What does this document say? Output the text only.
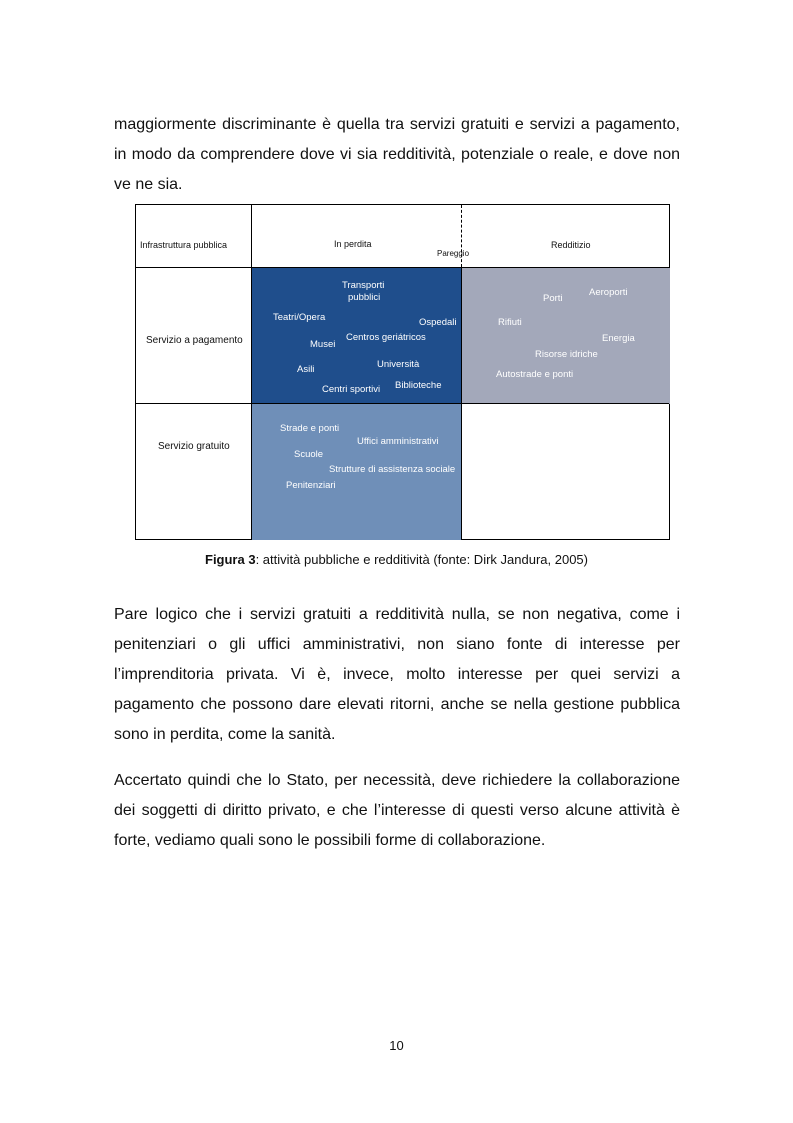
maggiormente discriminante è quella tra servizi gratuiti e servizi a pagamento,
in modo da comprendere dove vi sia redditività, potenziale o reale, e dove non
ve ne sia.
Infrastruttura pubblica	In perdita
Pareggio
Redditizio
Servizio a pagamento
Servizio gratuito
Transporti
pubblici
Teatri/Opera	Ospedali
Centros geriátricos
Musei
Università
Asili
Centri sportivi Biblioteche
Porti
Aeroporti
Rifiuti
Energia
Risorse idriche
Autostrade e ponti
Strade e ponti
Uffici amministrativi
Scuole
Strutture di assistenza sociale
Penitenziari

Figura 3: attività pubbliche e redditività (fonte: Dirk Jandura, 2005)

Pare logico che i servizi gratuiti a redditività nulla, se non negativa, come i
penitenziari o gli uffici amministrativi, non siano fonte di interesse per
l’imprenditoria privata. Vi è, invece, molto interesse per quei servizi a
pagamento che possono dare elevati ritorni, anche se nella gestione pubblica
sono in perdita, come la sanità.
Accertato quindi che lo Stato, per necessità, deve richiedere la collaborazione
dei soggetti di diritto privato, e che l’interesse di questi verso alcune attività è
forte, vediamo quali sono le possibili forme di collaborazione.
10
